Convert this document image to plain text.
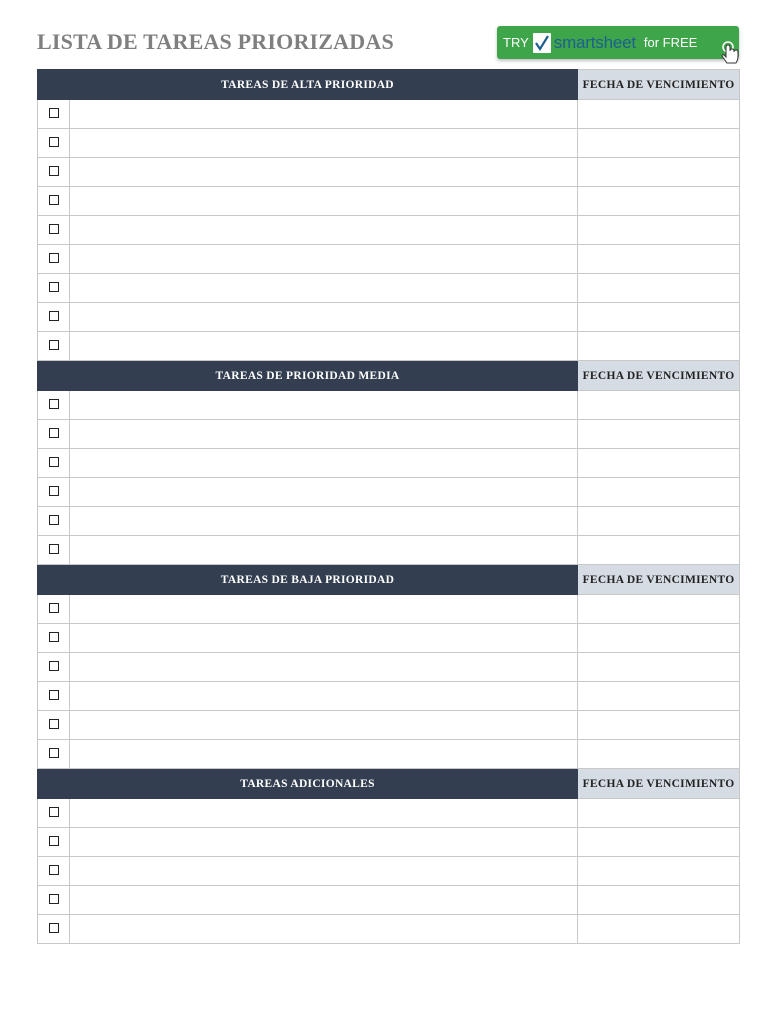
LISTA DE TAREAS PRIORIZADAS	TRY smartsheet for FREE
TAREAS DE ALTA PRIORIDAD		FECHA DE VENCIMIENTO

TAREAS DE PRIORIDAD MEDIA		FECHA DE VENCIMIENTO

TAREAS DE BAJA PRIORIDAD		FECHA DE VENCIMIENTO

TAREAS ADICIONALES		FECHA DE VENCIMIENTO
